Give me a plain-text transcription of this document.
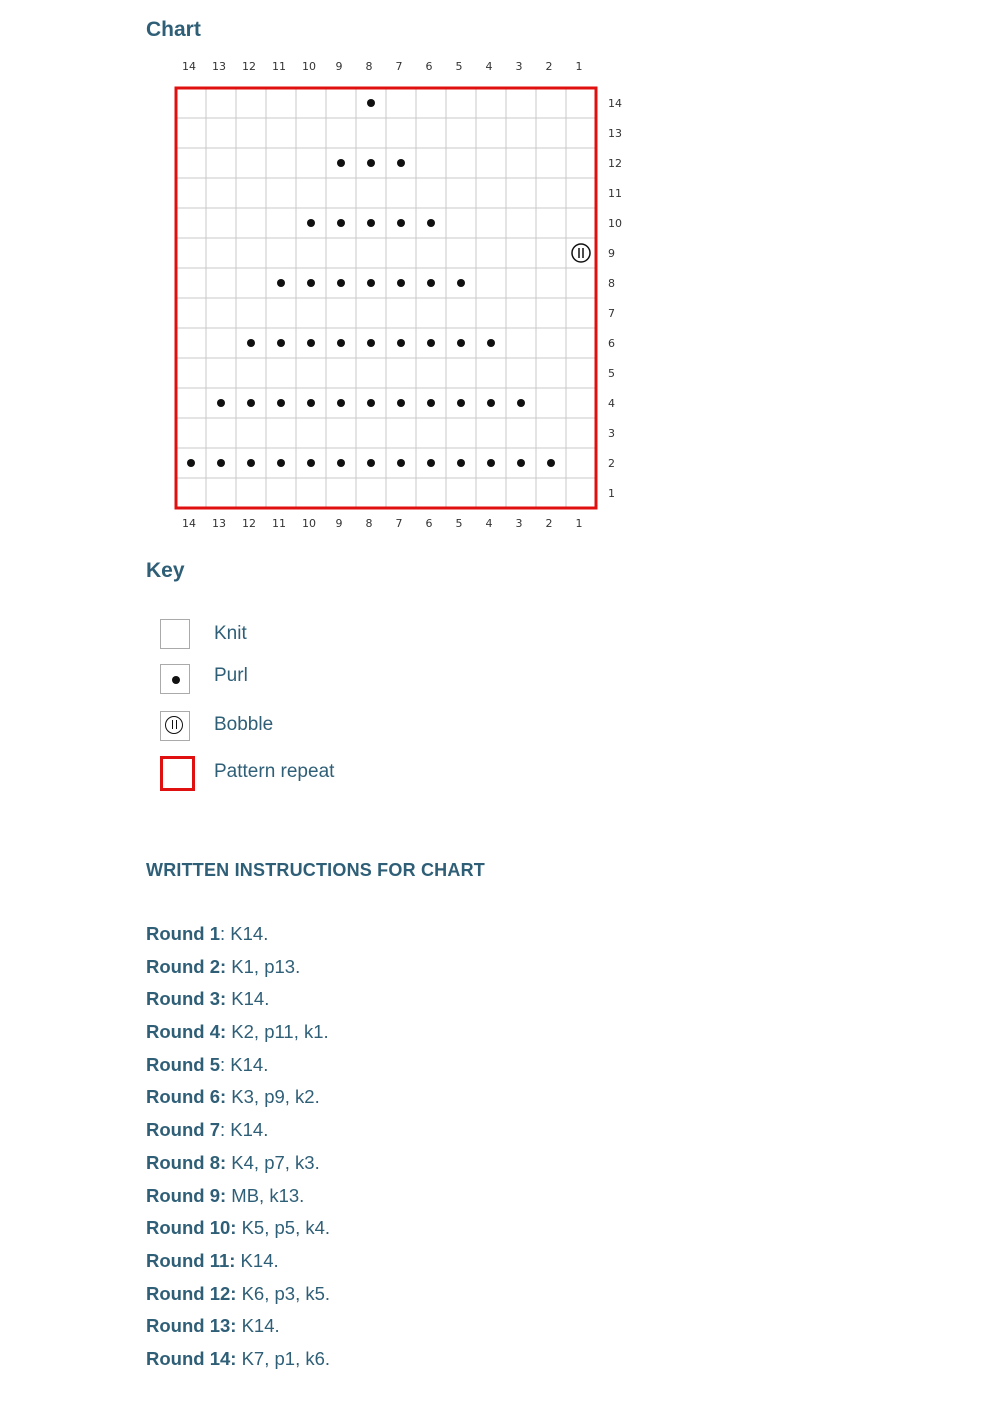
Chart
14
14
13
13
12
12
11
11
10
10
9
9
8
8
7
7
6
6
5
5
4
4
3
3
2
2
1
1
14
13
12
11
10
9
8
7
6
5
4
3
2
1
Key
Knit
Purl
Bobble
Pattern repeat
WRITTEN INSTRUCTIONS FOR CHART
Round 1: K14.
Round 2: K1, p13.
Round 3: K14.
Round 4: K2, p11, k1.
Round 5: K14.
Round 6: K3, p9, k2.
Round 7: K14.
Round 8: K4, p7, k3.
Round 9: MB, k13.
Round 10: K5, p5, k4.
Round 11: K14.
Round 12: K6, p3, k5.
Round 13: K14.
Round 14: K7, p1, k6.
